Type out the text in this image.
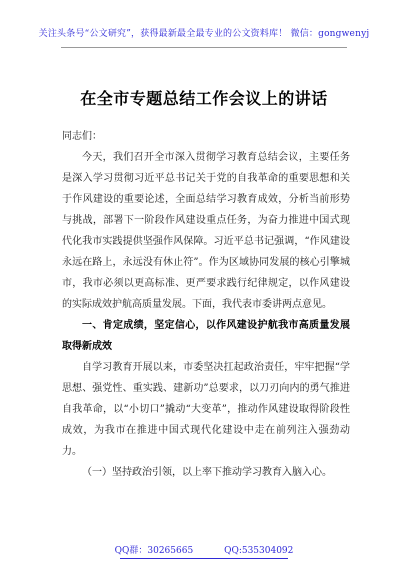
关注头条号“公文研究”，获得最新最全最专业的公文资料库！ 微信：gongwenyj
在全市专题总结工作会议上的讲话

同志们：

今天，我们召开全市深入贯彻学习教育总结会议，主要任务是深入学习贯彻习近平总书记关于党的自我革命的重要思想和关于作风建设的重要论述，全面总结学习教育成效，分析当前形势与挑战，部署下一阶段作风建设重点任务，为奋力推进中国式现代化我市实践提供坚强作风保障。习近平总书记强调，“作风建设永远在路上，永远没有休止符”。作为区域协同发展的核心引擎城市，我市必须以更高标准、更严要求践行纪律规定，以作风建设的实际成效护航高质量发展。下面，我代表市委讲两点意见。

一、肯定成绩，坚定信心，以作风建设护航我市高质量发展取得新成效

自学习教育开展以来，市委坚决扛起政治责任，牢牢把握“学思想、强党性、重实践、建新功”总要求，以刀刃向内的勇气推进自我革命，以“小切口”撬动“大变革”，推动作风建设取得阶段性成效，为我市在推进中国式现代化建设中走在前列注入强劲动力。

（一）坚持政治引领，以上率下推动学习教育入脑入心。

QQ群：30265665	QQ:535304092
